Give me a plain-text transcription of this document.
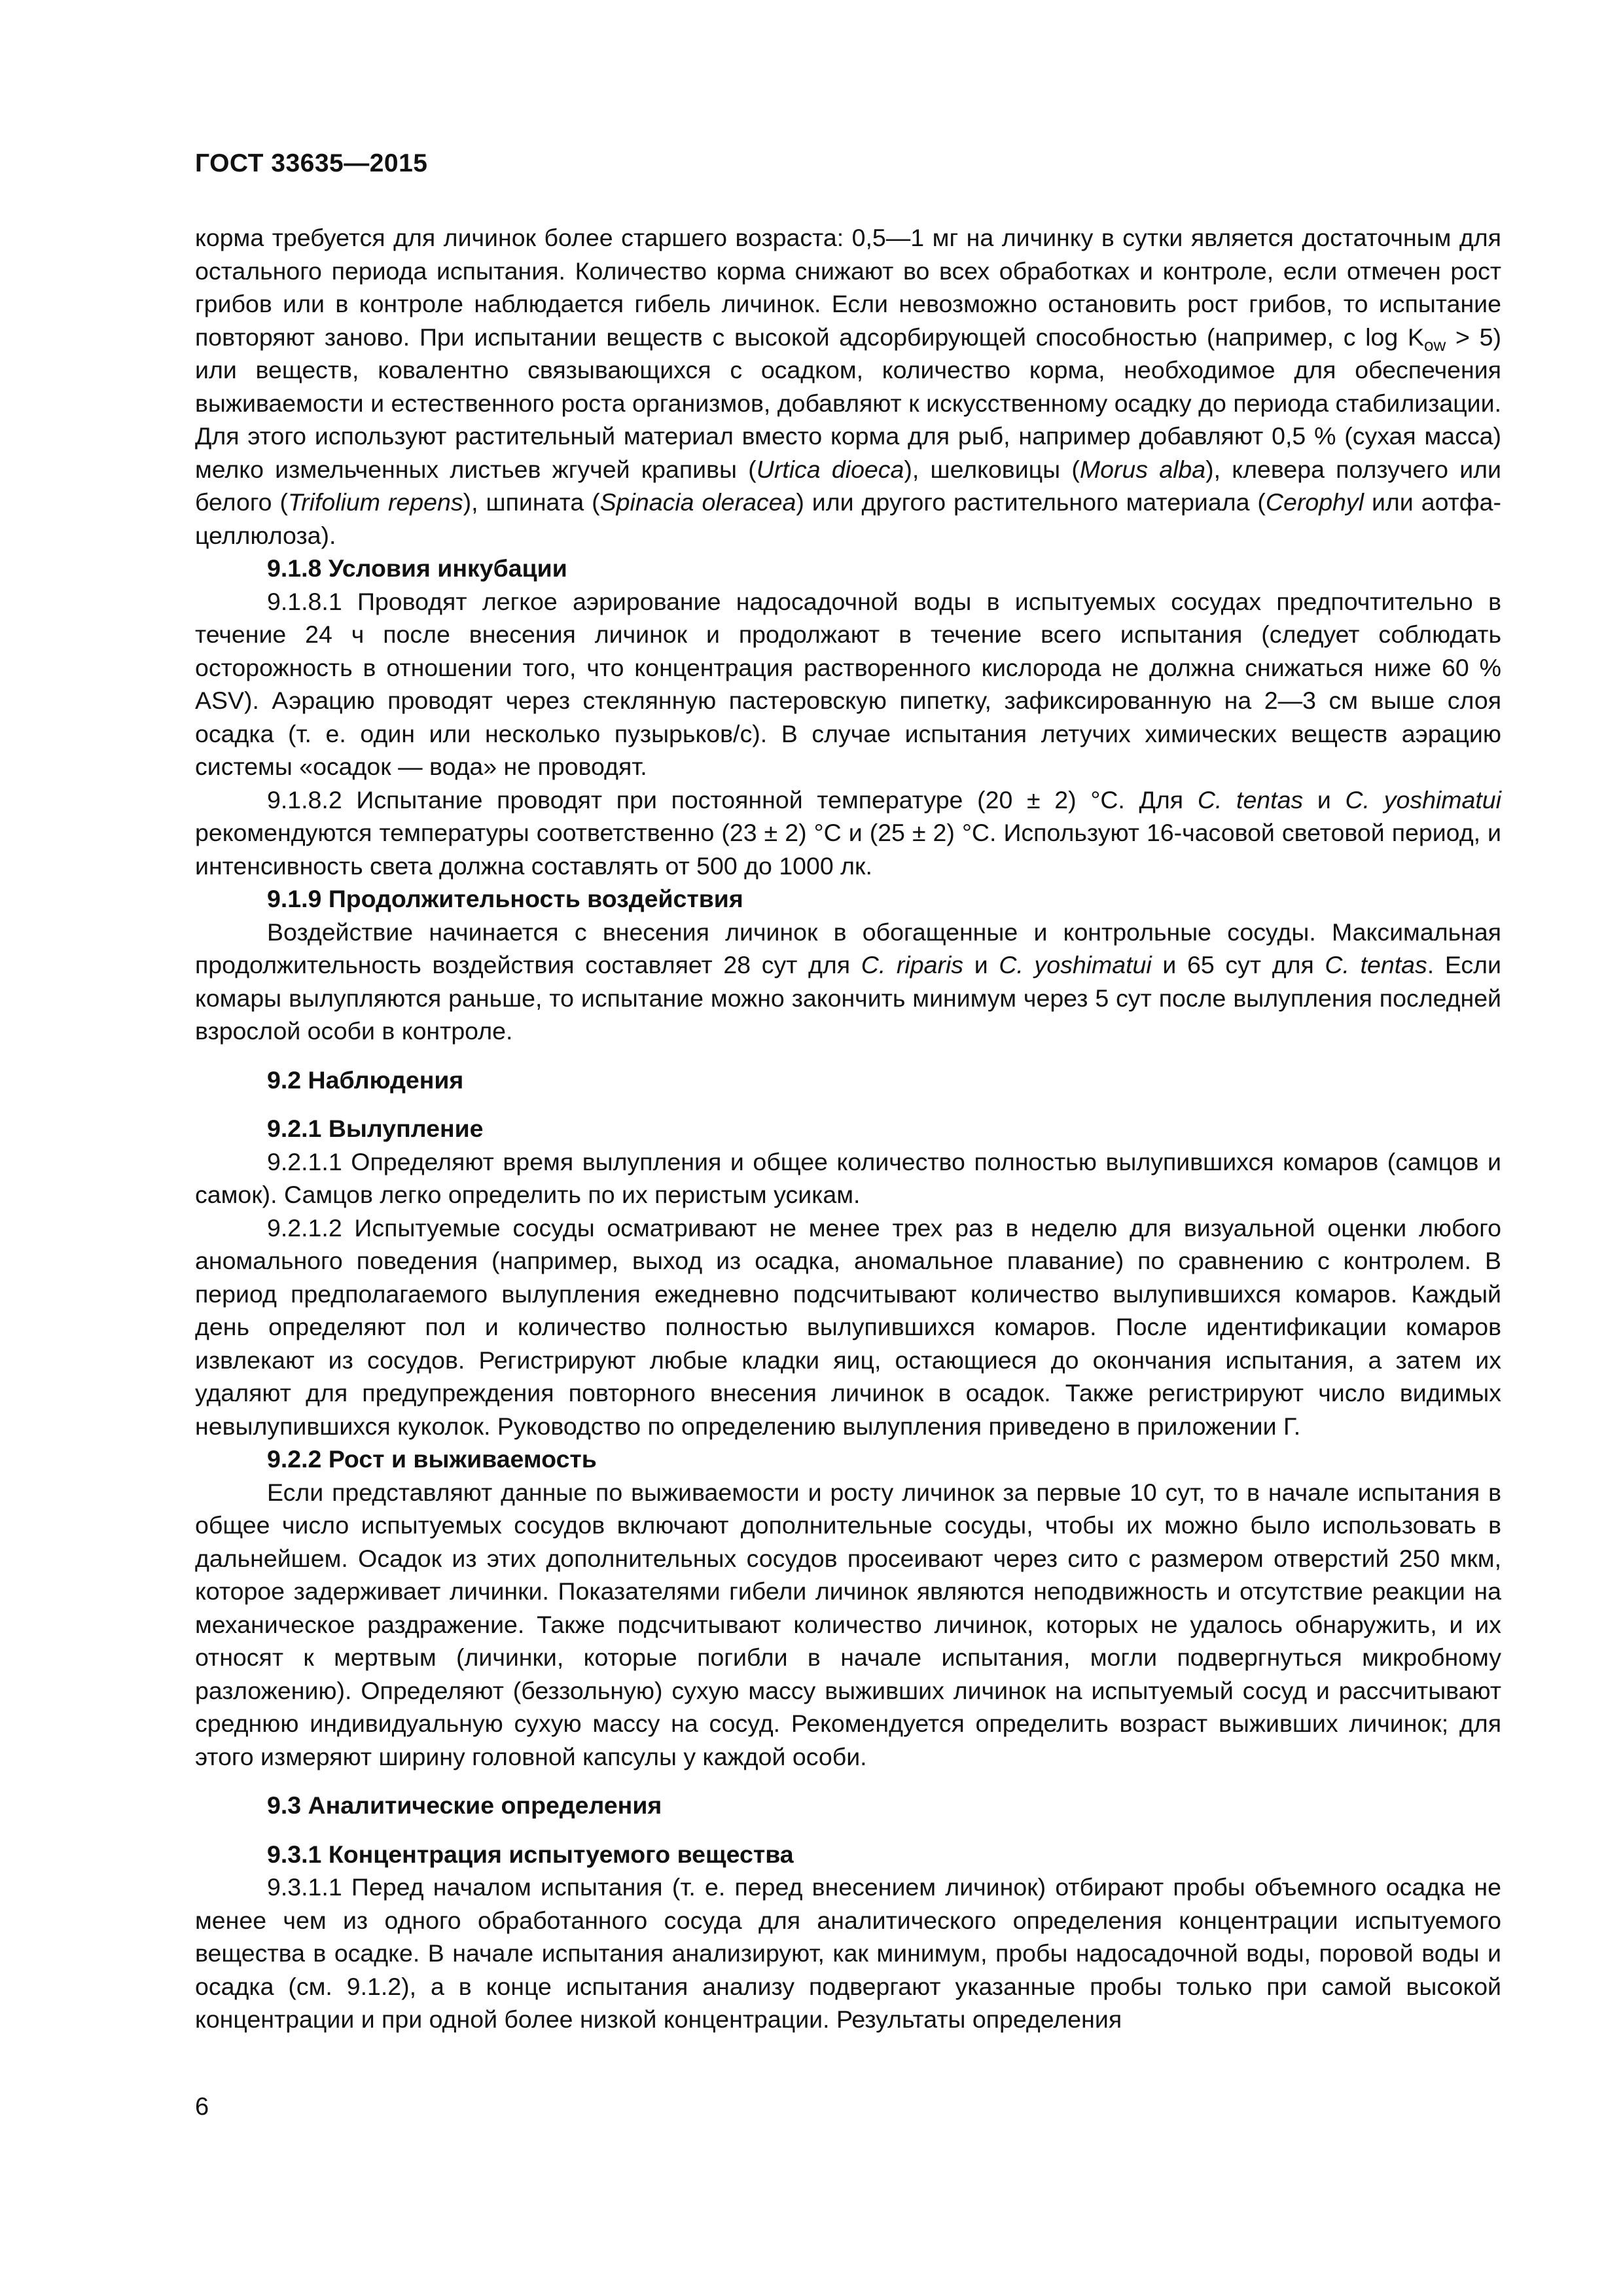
ГОСТ 33635—2015

корма требуется для личинок более старшего возраста: 0,5—1 мг на личинку в сутки является достаточным для остального периода испытания. Количество корма снижают во всех обработках и контроле, если отмечен рост грибов или в контроле наблюдается гибель личинок. Если невозможно остановить рост грибов, то испытание повторяют заново. При испытании веществ с высокой адсорбирующей способностью (например, с $\log K_{ow} > 5$) или веществ, ковалентно связывающихся с осадком, количество корма, необходимое для обеспечения выживаемости и естественного роста организмов, добавляют к искусственному осадку до периода стабилизации. Для этого используют растительный материал вместо корма для рыб, например добавляют 0,5 % (сухая масса) мелко измельченных листьев жгучей крапивы (Urtica dioeca), шелковицы (Morus alba), клевера ползучего или белого (Trifolium repens), шпината (Spinacia oleracea) или другого растительного материала (Cerophyl или аотфа-целлюлоза).

9.1.8 Условия инкубации

9.1.8.1 Проводят легкое аэрирование надосадочной воды в испытуемых сосудах предпочтительно в течение 24 ч после внесения личинок и продолжают в течение всего испытания (следует соблюдать осторожность в отношении того, что концентрация растворенного кислорода не должна снижаться ниже 60 % ASV). Аэрацию проводят через стеклянную пастеровскую пипетку, зафиксированную на 2—3 см выше слоя осадка (т. е. один или несколько пузырьков/с). В случае испытания летучих химических веществ аэрацию системы «осадок — вода» не проводят.

9.1.8.2 Испытание проводят при постоянной температуре (20 ± 2) °С. Для C. tentas и C. yoshimatui рекомендуются температуры соответственно (23 ± 2) °С и (25 ± 2) °С. Используют 16-часовой световой период, и интенсивность света должна составлять от 500 до 1000 лк.

9.1.9 Продолжительность воздействия

Воздействие начинается с внесения личинок в обогащенные и контрольные сосуды. Максимальная продолжительность воздействия составляет 28 сут для C. riparis и C. yoshimatui и 65 сут для C. tentas. Если комары вылупляются раньше, то испытание можно закончить минимум через 5 сут после вылупления последней взрослой особи в контроле.

9.2 Наблюдения

9.2.1 Вылупление

9.2.1.1 Определяют время вылупления и общее количество полностью вылупившихся комаров (самцов и самок). Самцов легко определить по их перистым усикам.

9.2.1.2 Испытуемые сосуды осматривают не менее трех раз в неделю для визуальной оценки любого аномального поведения (например, выход из осадка, аномальное плавание) по сравнению с контролем. В период предполагаемого вылупления ежедневно подсчитывают количество вылупившихся комаров. Каждый день определяют пол и количество полностью вылупившихся комаров. После идентификации комаров извлекают из сосудов. Регистрируют любые кладки яиц, остающиеся до окончания испытания, а затем их удаляют для предупреждения повторного внесения личинок в осадок. Также регистрируют число видимых невылупившихся куколок. Руководство по определению вылупления приведено в приложении Г.

9.2.2 Рост и выживаемость

Если представляют данные по выживаемости и росту личинок за первые 10 сут, то в начале испытания в общее число испытуемых сосудов включают дополнительные сосуды, чтобы их можно было использовать в дальнейшем. Осадок из этих дополнительных сосудов просеивают через сито с размером отверстий 250 мкм, которое задерживает личинки. Показателями гибели личинок являются неподвижность и отсутствие реакции на механическое раздражение. Также подсчитывают количество личинок, которых не удалось обнаружить, и их относят к мертвым (личинки, которые погибли в начале испытания, могли подвергнуться микробному разложению). Определяют (беззольную) сухую массу выживших личинок на испытуемый сосуд и рассчитывают среднюю индивидуальную сухую массу на сосуд. Рекомендуется определить возраст выживших личинок; для этого измеряют ширину головной капсулы у каждой особи.

9.3 Аналитические определения

9.3.1 Концентрация испытуемого вещества

9.3.1.1 Перед началом испытания (т. е. перед внесением личинок) отбирают пробы объемного осадка не менее чем из одного обработанного сосуда для аналитического определения концентрации испытуемого вещества в осадке. В начале испытания анализируют, как минимум, пробы надосадочной воды, поровой воды и осадка (см. 9.1.2), а в конце испытания анализу подвергают указанные пробы только при самой высокой концентрации и при одной более низкой концентрации. Результаты определения

6
